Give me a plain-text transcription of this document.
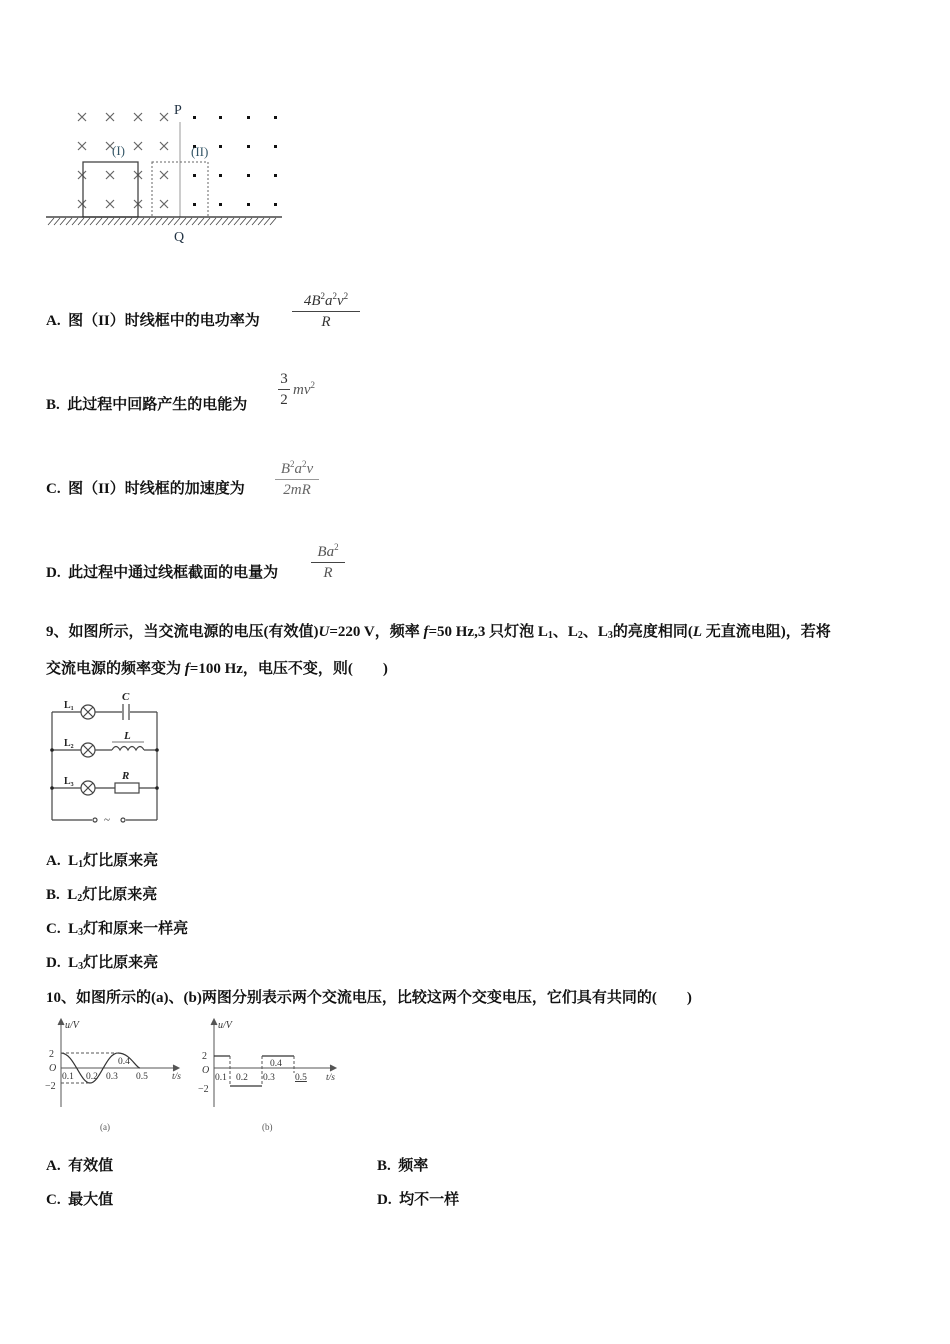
P
Q
(I)	(II)
A. 图（II）时线框中的电功率为
$4B^2a^2v^2$
R
B. 此过程中回路产生的电能为
3
2
$mv^2$
C. 图（II）时线框的加速度为
$B^2a^2v$
2mR
D. 此过程中通过线框截面的电量为
Ba$^2$
R
9、如图所示，当交流电源的电压(有效值)U=220 V，频率 f=50 Hz,3 只灯泡 $L_1$、$L_2$、$L_3$的亮度相同(L 无直流电阻)，若将
交流电源的频率变为 f=100 Hz，电压不变，则(　　)
~
$L_1$
$L_2$
$L_3$
C
L
R
A. $L_1$灯比原来亮
B. $L_2$灯比原来亮
C. $L_3$灯和原来一样亮
D. $L_3$灯比原来亮
10、如图所示的(a)、(b)两图分别表示两个交流电压，比较这两个交变电压，它们具有共同的(　　)
u/V
2
O
−2
0.1 0.2 0.3
0.4
0.5	t/s
(a)
u/V
2
O
−2
0.1 0.2 0.3
0.4
0.5 t/s
(b)
A. 有效值	B. 频率
C. 最大值	D. 均不一样
